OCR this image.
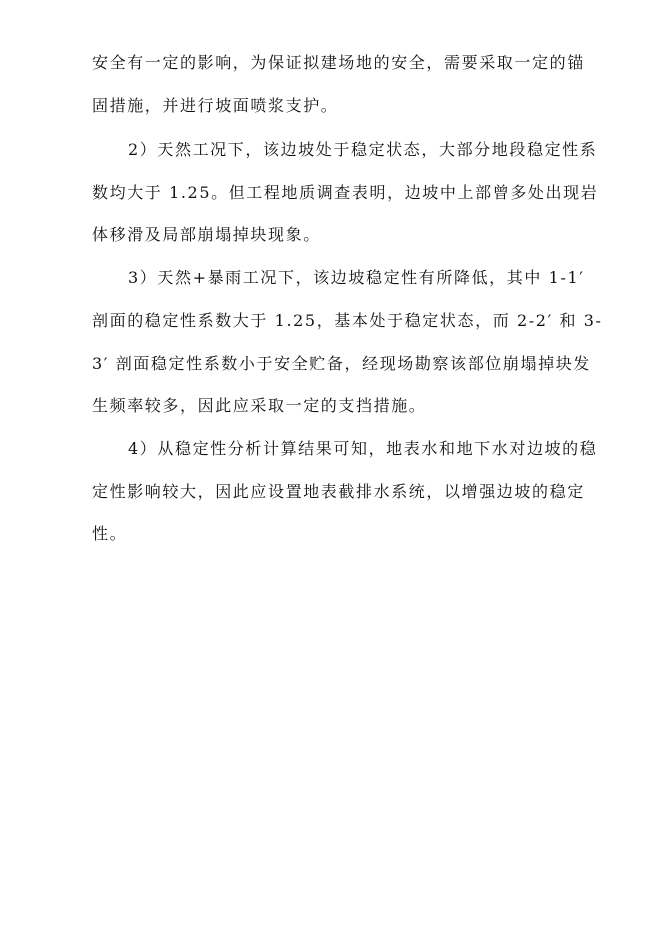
安全有一定的影响，为保证拟建场地的安全，需要采取一定的锚
固措施，并进行坡面喷浆支护。
2）天然工况下，该边坡处于稳定状态，大部分地段稳定性系
数均大于 1.25。但工程地质调查表明，边坡中上部曾多处出现岩
体移滑及局部崩塌掉块现象。
3）天然+暴雨工况下，该边坡稳定性有所降低，其中 1-1′
剖面的稳定性系数大于 1.25，基本处于稳定状态，而 2-2′ 和 3-
3′ 剖面稳定性系数小于安全贮备，经现场勘察该部位崩塌掉块发
生频率较多，因此应采取一定的支挡措施。
4）从稳定性分析计算结果可知，地表水和地下水对边坡的稳
定性影响较大，因此应设置地表截排水系统，以增强边坡的稳定
性。
